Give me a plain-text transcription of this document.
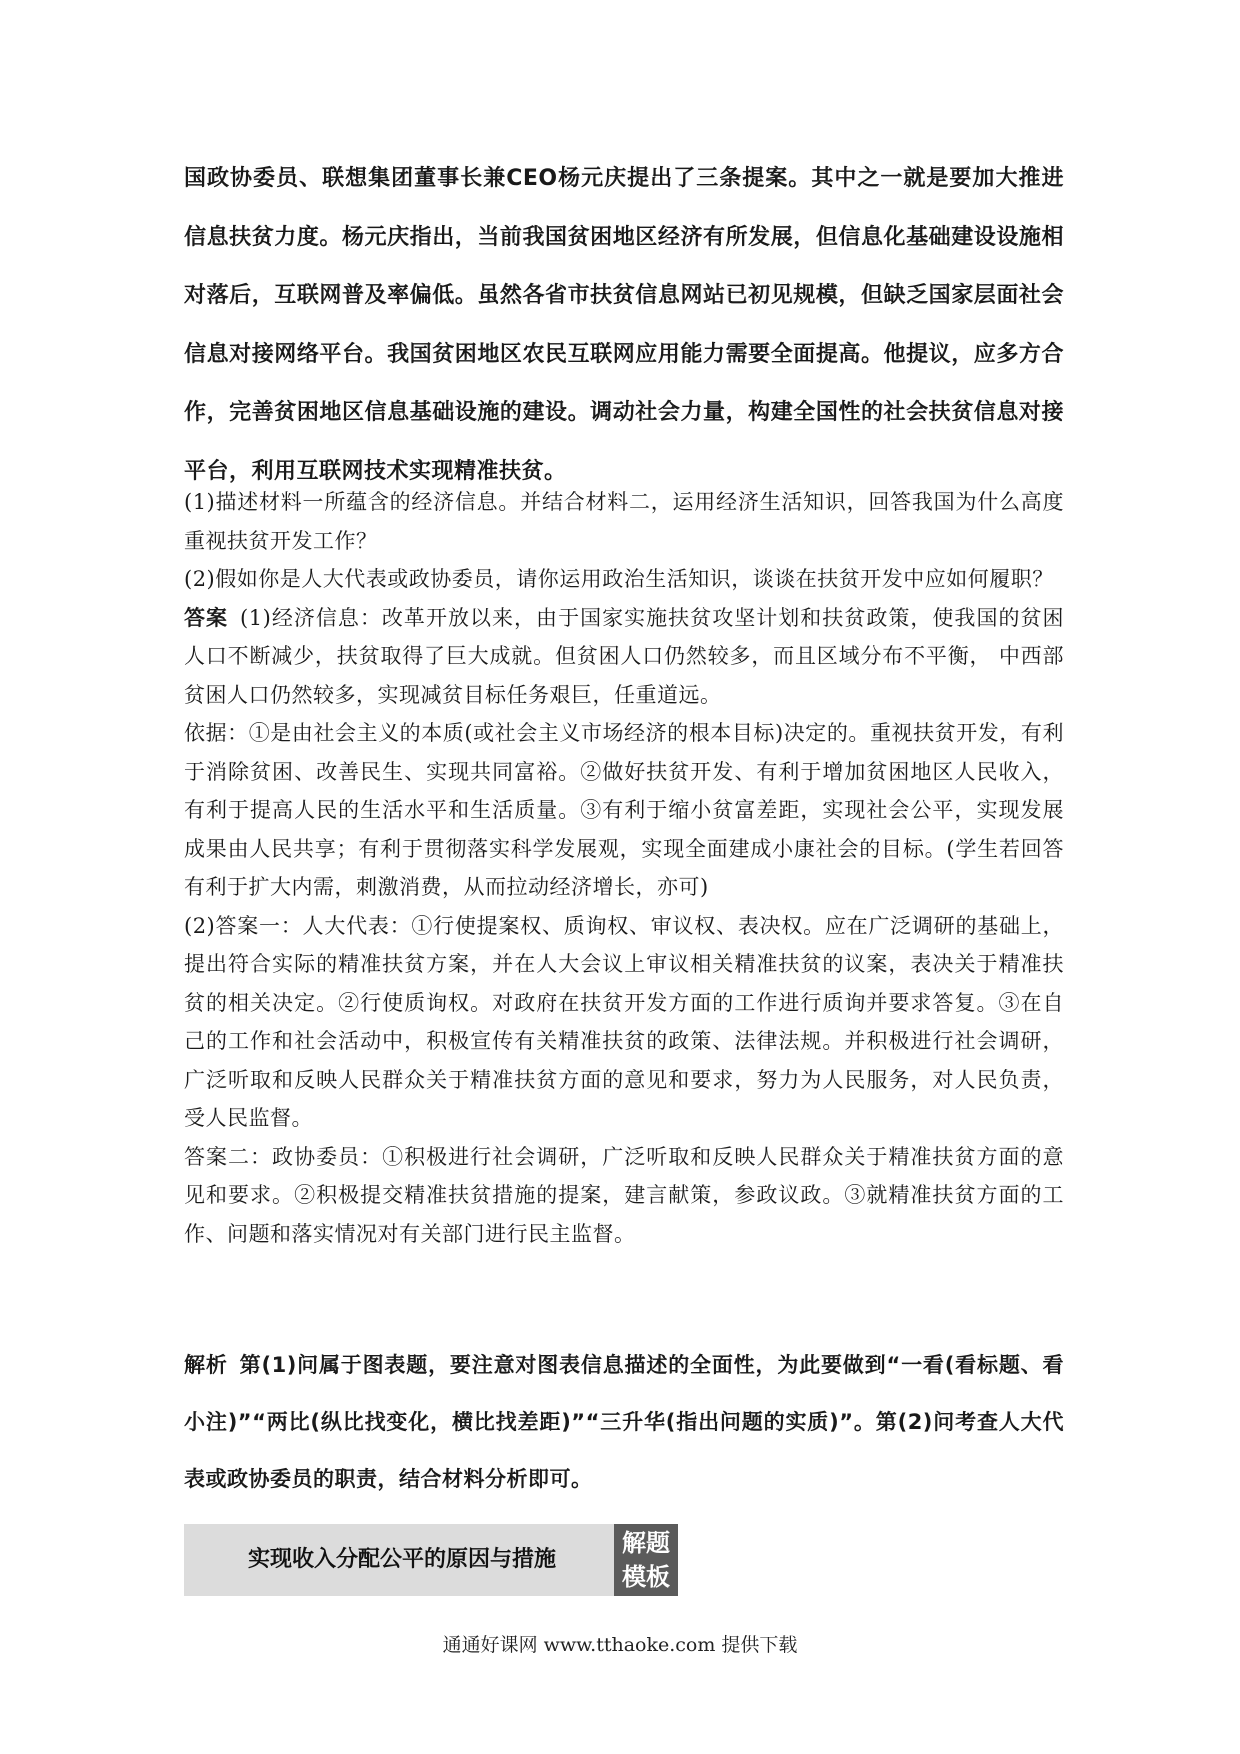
国政协委员、联想集团董事长兼CEO杨元庆提出了三条提案。其中之一就是要加大推进信息扶贫力度。杨元庆指出，当前我国贫困地区经济有所发展，但信息化基础建设设施相对落后，互联网普及率偏低。虽然各省市扶贫信息网站已初见规模，但缺乏国家层面社会信息对接网络平台。我国贫困地区农民互联网应用能力需要全面提高。他提议，应多方合作，完善贫困地区信息基础设施的建设。调动社会力量，构建全国性的社会扶贫信息对接平台，利用互联网技术实现精准扶贫。

(1)描述材料一所蕴含的经济信息。并结合材料二，运用经济生活知识，回答我国为什么高度重视扶贫开发工作？

(2)假如你是人大代表或政协委员，请你运用政治生活知识，谈谈在扶贫开发中应如何履职？

答案 (1)经济信息：改革开放以来，由于国家实施扶贫攻坚计划和扶贫政策，使我国的贫困人口不断减少，扶贫取得了巨大成就。但贫困人口仍然较多，而且区域分布不平衡， 中西部贫困人口仍然较多，实现减贫目标任务艰巨，任重道远。

依据：①是由社会主义的本质(或社会主义市场经济的根本目标)决定的。重视扶贫开发，有利于消除贫困、改善民生、实现共同富裕。②做好扶贫开发、有利于增加贫困地区人民收入，有利于提高人民的生活水平和生活质量。③有利于缩小贫富差距，实现社会公平，实现发展成果由人民共享；有利于贯彻落实科学发展观，实现全面建成小康社会的目标。(学生若回答有利于扩大内需，刺激消费，从而拉动经济增长，亦可)

(2)答案一：人大代表：①行使提案权、质询权、审议权、表决权。应在广泛调研的基础上，提出符合实际的精准扶贫方案，并在人大会议上审议相关精准扶贫的议案，表决关于精准扶贫的相关决定。②行使质询权。对政府在扶贫开发方面的工作进行质询并要求答复。③在自己的工作和社会活动中，积极宣传有关精准扶贫的政策、法律法规。并积极进行社会调研，广泛听取和反映人民群众关于精准扶贫方面的意见和要求，努力为人民服务，对人民负责，受人民监督。

答案二：政协委员：①积极进行社会调研，广泛听取和反映人民群众关于精准扶贫方面的意见和要求。②积极提交精准扶贫措施的提案，建言献策，参政议政。③就精准扶贫方面的工作、问题和落实情况对有关部门进行民主监督。

解析 第(1)问属于图表题，要注意对图表信息描述的全面性，为此要做到“一看(看标题、看小注)”“两比(纵比找变化，横比找差距)”“三升华(指出问题的实质)”。第(2)问考查人大代表或政协委员的职责，结合材料分析即可。

实现收入分配公平的原因与措施
解题
模板
通通好课网 www.tthaoke.com 提供下载
